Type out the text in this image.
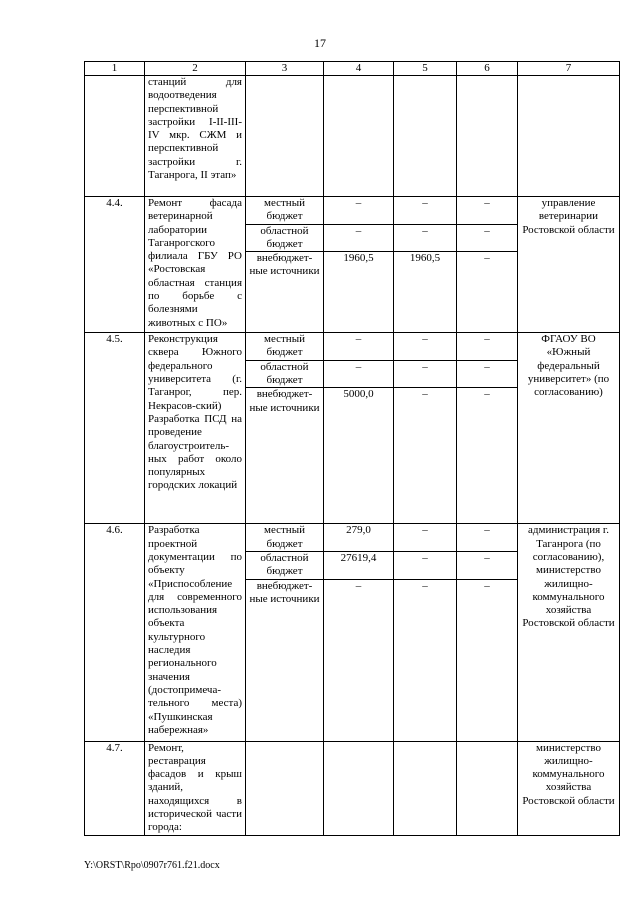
17
1	2	3	4	5	6	7
	станций для водоотведения перспективной застройки I-II-III-IV мкр. СЖМ и перспективной застройки г. Таганрога, II этап»					
4.4.	Ремонт фасада ветеринарной лаборатории Таганрогского филиала ГБУ РО «Ростовская областная станция по борьбе с болезнями животных с ПО»	местный бюджет	–	–	–	управление ветеринарии Ростовской области
		областной бюджет	–	–	–	
		внебюджет-ные источники	1960,5	1960,5	–	
4.5.	Реконструкция сквера Южного федерального университета (г. Таганрог, пер. Некрасов-ский) Разработка ПСД на проведение благоустроитель-ных работ около популярных городских локаций	местный бюджет	–	–	–	ФГАОУ ВО «Южный федеральный университет» (по согласованию)
		областной бюджет	–	–	–	
		внебюджет-ные источники	5000,0	–	–	
4.6.	Разработка проектной документации по объекту «Приспособление для современного использования объекта культурного наследия регионального значения (достопримеча-тельного места) «Пушкинская набережная»	местный бюджет	279,0	–	–	администрация г. Таганрога (по согласованию), министерство жилищно-коммунального хозяйства Ростовской области
		областной бюджет	27619,4	–	–	
		внебюджет-ные источники	–	–	–	
4.7.	Ремонт, реставрация фасадов и крыш зданий, находящихся в исторической части города:					министерство жилищно-коммунального хозяйства Ростовской области
Y:\ORST\Rpo\0907r761.f21.docx
